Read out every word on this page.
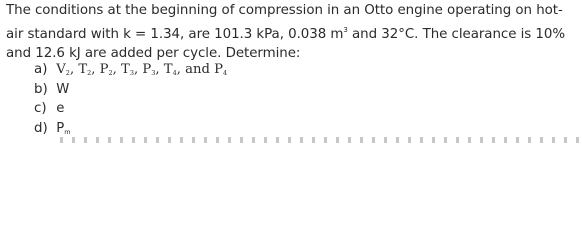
The conditions at the beginning of compression in an Otto engine operating on hot-
air standard with k = 1.34, are 101.3 kPa, 0.038 $m^3$ and 32°C. The clearance is 10%
and 12.6 kJ are added per cycle. Determine:
a) $V_2$, $T_2$, $P_2$, $T_3$, $P_3$, $T_4$, and $P_4$
b) W
c) e
d) $P_m$
